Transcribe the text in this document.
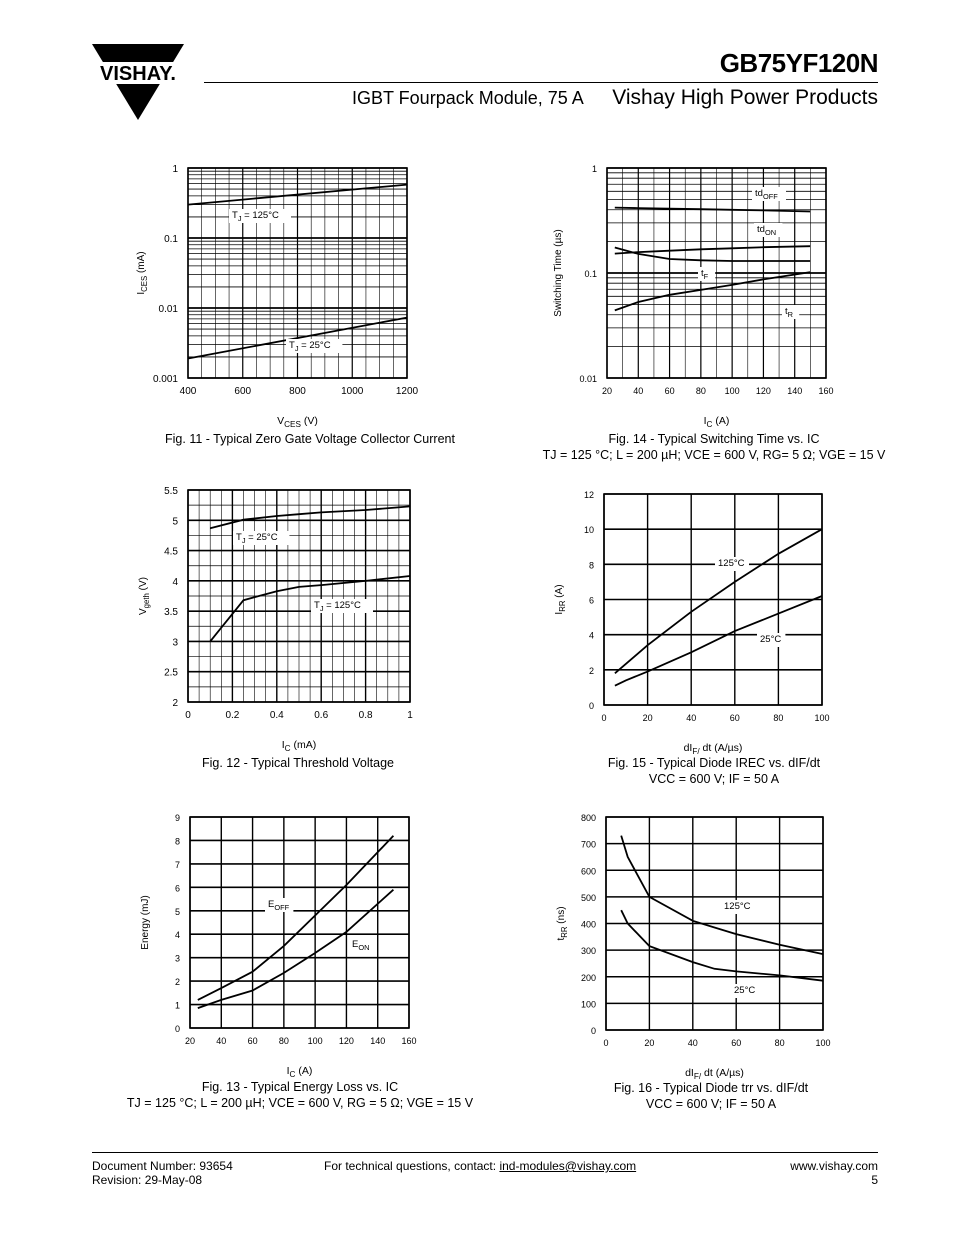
VISHAY.	GB75YF120N
IGBT Fourpack Module, 75 A Vishay High Power Products
400	600	800	1000	1200
0.001
0.01
0.1
1
VCES (V)
ICES (mA)
TJ = 125°C
TJ = 25°C
20 40 60 80 100 120 140 160
0.01
0.1
1
IC (A)
Switching Time (µs)
tdOFF
tdON
tF
tR
0	0.2	0.4	0.6	0.8	1
2
2.5
3
3.5
4
4.5
5
5.5
IC (mA)
Vgeth (V)
TJ = 25°C
TJ = 125°C
0	20	40	60	80	100
0
2
4
6
8
10
12
dIF/ dt (A/µs)
IRR (A)
125°C
25°C
20 40 60 80 100 120 140 160
0
1
2
3
4
5
6
7
8
9
IC (A)
Energy (mJ)	EOFF
EON
0	20	40	60	80	100
0
100
200
300
400
500
600
700
800
dIF/ dt (A/µs)
tRR (ns)	125°C
25°C
Fig. 11 - Typical Zero Gate Voltage Collector Current	Fig. 14 - Typical Switching Time vs. IC
TJ = 125 °C; L = 200 µH; VCE = 600 V, RG= 5 Ω; VGE = 15 V
Fig. 12 - Typical Threshold Voltage	Fig. 15 - Typical Diode IREC vs. dIF/dt
VCC = 600 V; IF = 50 A
Fig. 13 - Typical Energy Loss vs. IC
TJ = 125 °C; L = 200 µH; VCE = 600 V, RG = 5 Ω; VGE = 15 V
Fig. 16 - Typical Diode trr vs. dIF/dt
VCC = 600 V; IF = 50 A
Document Number: 93654
Revision: 29-May-08
For technical questions, contact: ind-modules@vishay.com	www.vishay.com
5
